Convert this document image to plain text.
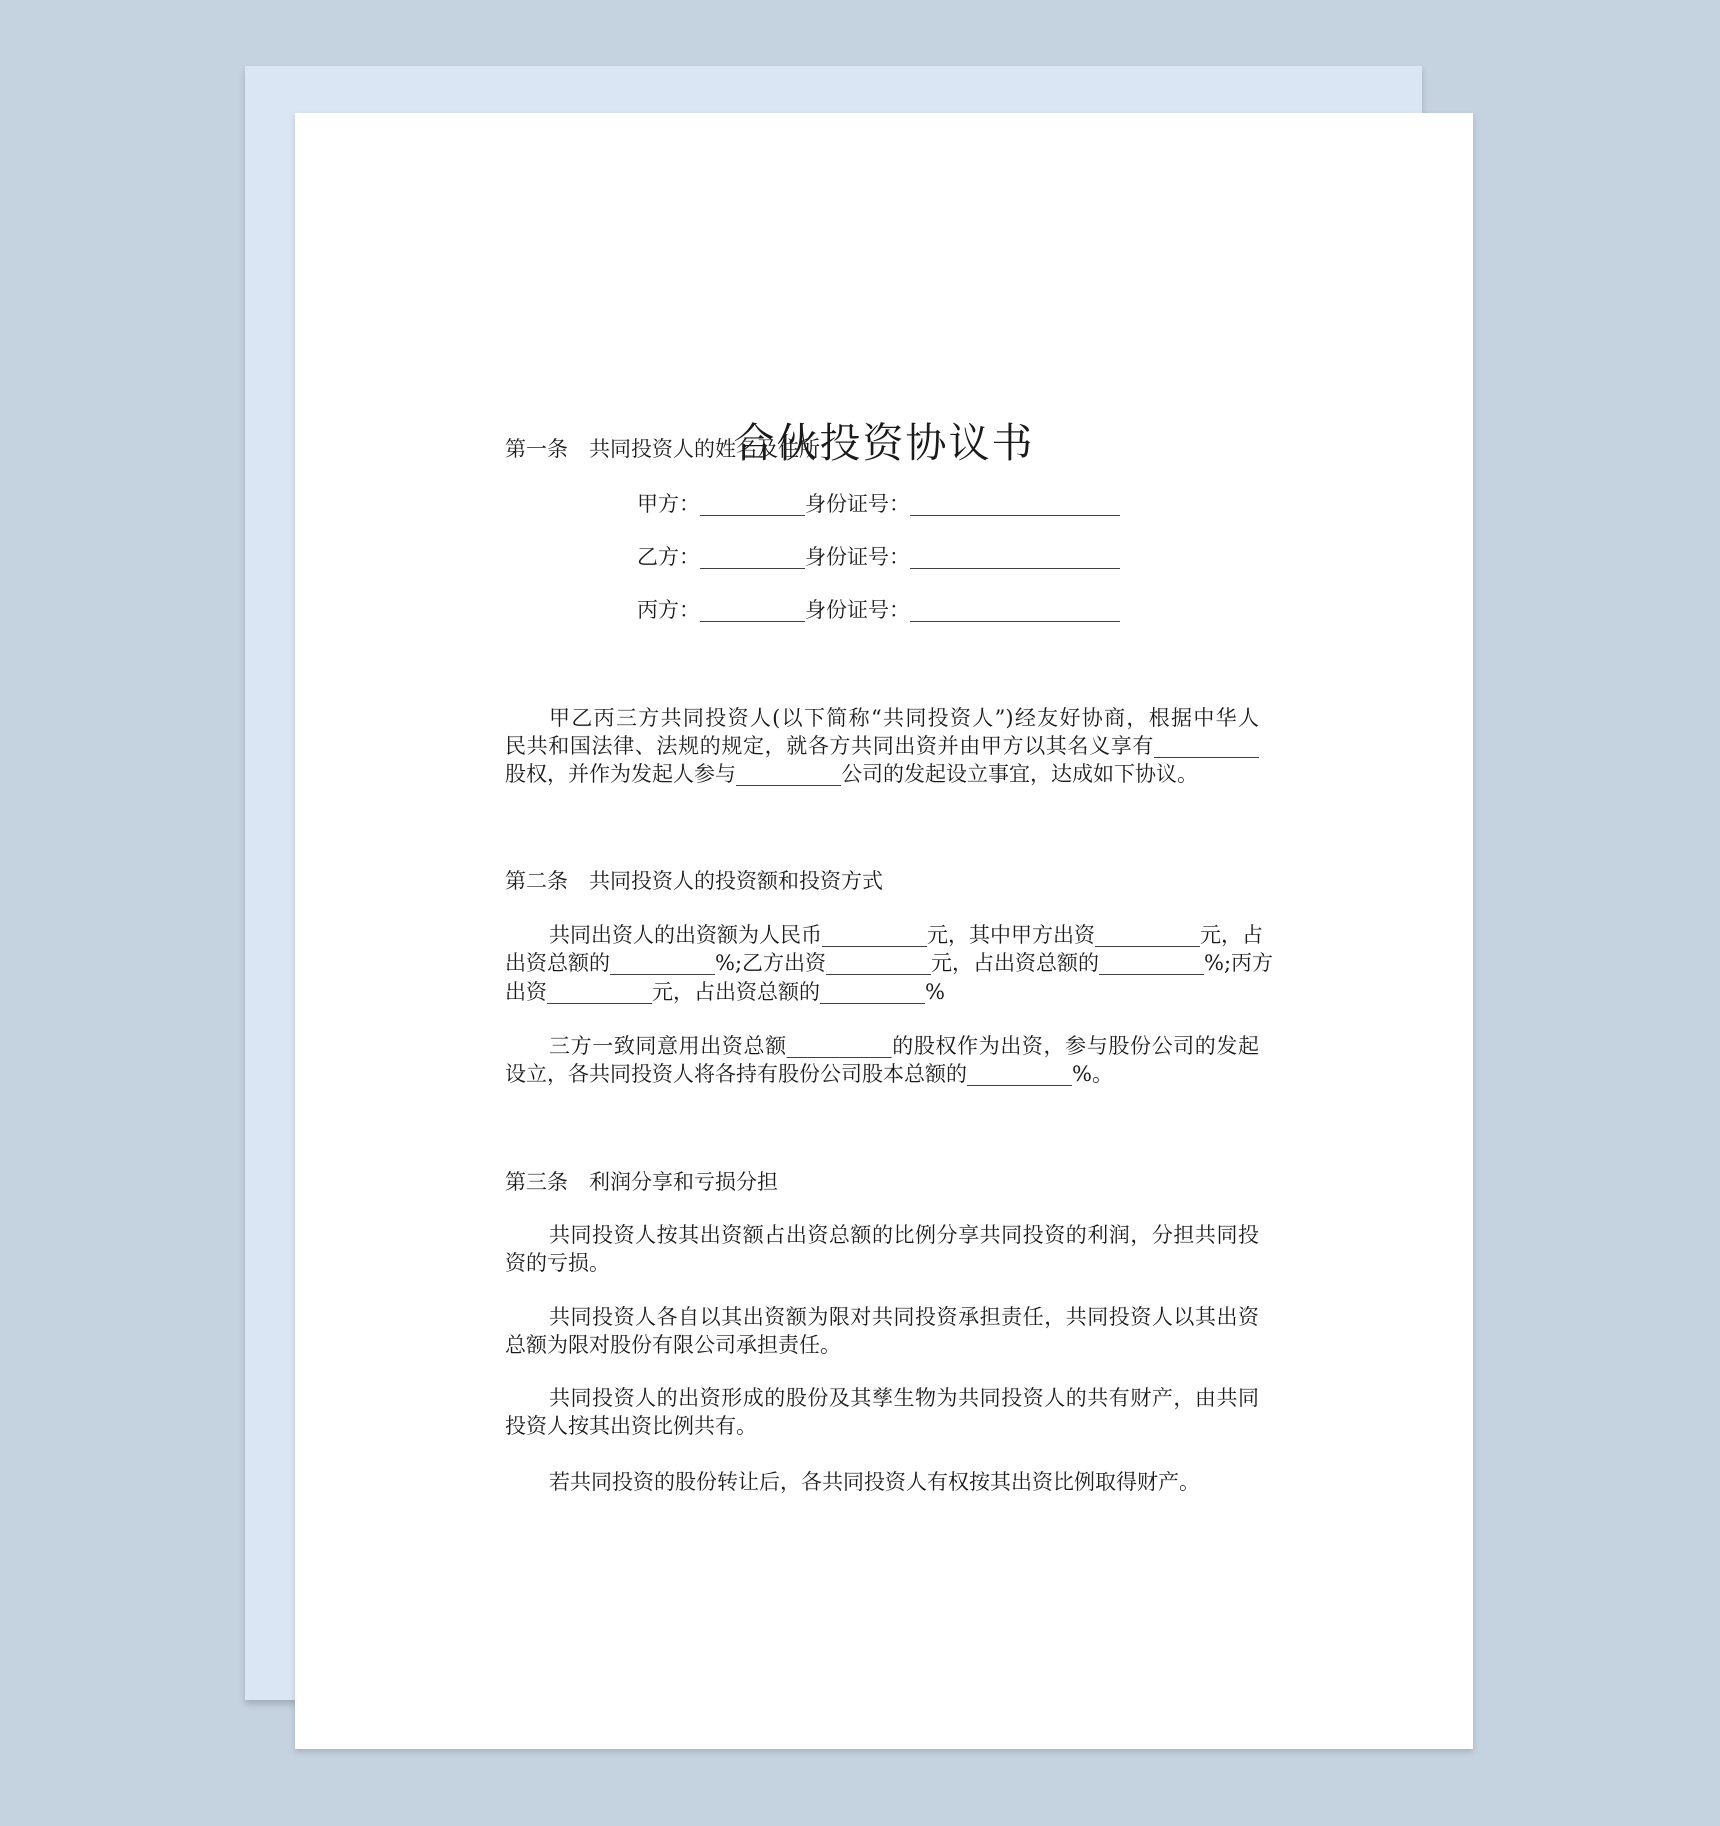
合伙投资协议书
第一条　共同投资人的姓名及住所
甲方：__________身份证号：____________________
乙方：__________身份证号：____________________
丙方：__________身份证号：____________________
甲乙丙三方共同投资人(以下简称“共同投资人”)经友好协商，根据中华人
民共和国法律、法规的规定，就各方共同出资并由甲方以其名义享有__________
股权，并作为发起人参与__________公司的发起设立事宜，达成如下协议。
第二条　共同投资人的投资额和投资方式
共同出资人的出资额为人民币__________元，其中甲方出资__________元，占
出资总额的__________%;乙方出资__________元，占出资总额的__________%;丙方
出资__________元，占出资总额的__________%
三方一致同意用出资总额__________的股权作为出资，参与股份公司的发起
设立，各共同投资人将各持有股份公司股本总额的__________%。
第三条　利润分享和亏损分担
共同投资人按其出资额占出资总额的比例分享共同投资的利润，分担共同投
资的亏损。
共同投资人各自以其出资额为限对共同投资承担责任，共同投资人以其出资
总额为限对股份有限公司承担责任。
共同投资人的出资形成的股份及其孳生物为共同投资人的共有财产，由共同
投资人按其出资比例共有。
若共同投资的股份转让后，各共同投资人有权按其出资比例取得财产。
